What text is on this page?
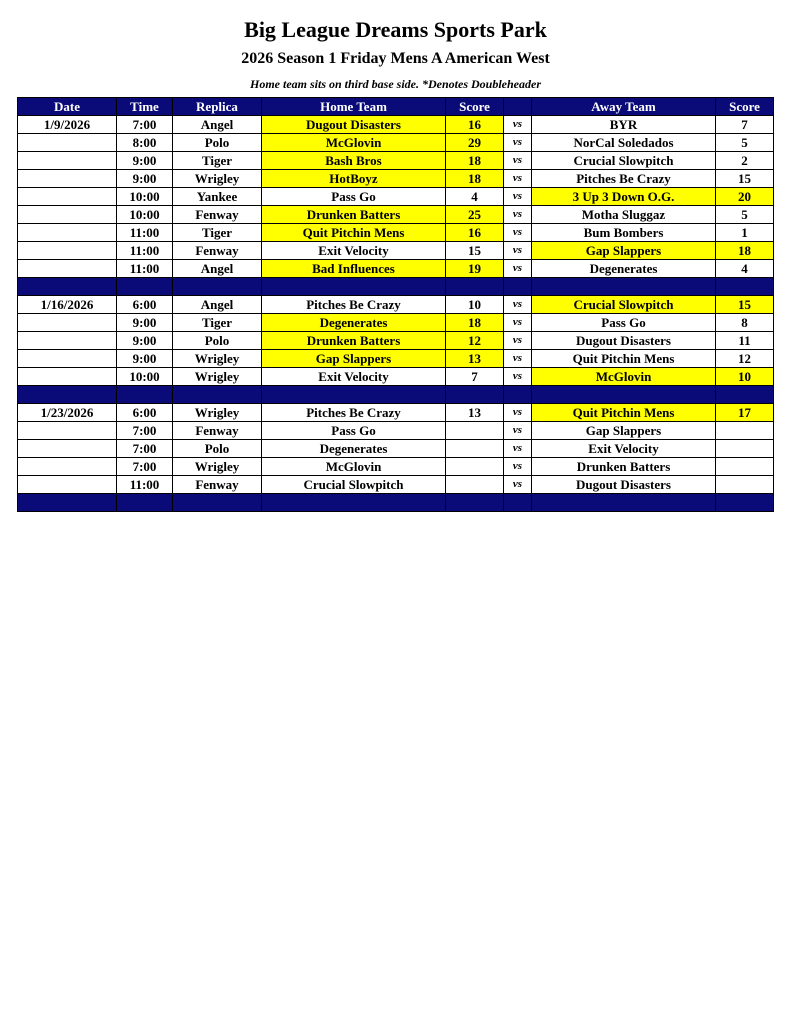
Big League Dreams Sports Park
2026 Season 1 Friday Mens A American West
Home team sits on third base side. *Denotes Doubleheader
Date	Time	Replica	Home Team	Score		Away Team	Score
1/9/2026	7:00	Angel	Dugout Disasters	16	vs	BYR	7
	8:00	Polo	McGlovin	29	vs	NorCal Soledados	5
	9:00	Tiger	Bash Bros	18	vs	Crucial Slowpitch	2
	9:00	Wrigley	HotBoyz	18	vs	Pitches Be Crazy	15
	10:00	Yankee	Pass Go	4	vs	3 Up 3 Down O.G.	20
	10:00	Fenway	Drunken Batters	25	vs	Motha Sluggaz	5
	11:00	Tiger	Quit Pitchin Mens	16	vs	Bum Bombers	1
	11:00	Fenway	Exit Velocity	15	vs	Gap Slappers	18
	11:00	Angel	Bad Influences	19	vs	Degenerates	4

1/16/2026	6:00	Angel	Pitches Be Crazy	10	vs	Crucial Slowpitch	15
	9:00	Tiger	Degenerates	18	vs	Pass Go	8
	9:00	Polo	Drunken Batters	12	vs	Dugout Disasters	11
	9:00	Wrigley	Gap Slappers	13	vs	Quit Pitchin Mens	12
	10:00	Wrigley	Exit Velocity	7	vs	McGlovin	10

1/23/2026	6:00	Wrigley	Pitches Be Crazy	13	vs	Quit Pitchin Mens	17
	7:00	Fenway	Pass Go		vs	Gap Slappers	
	7:00	Polo	Degenerates		vs	Exit Velocity	
	7:00	Wrigley	McGlovin		vs	Drunken Batters	
	11:00	Fenway	Crucial Slowpitch		vs	Dugout Disasters	
